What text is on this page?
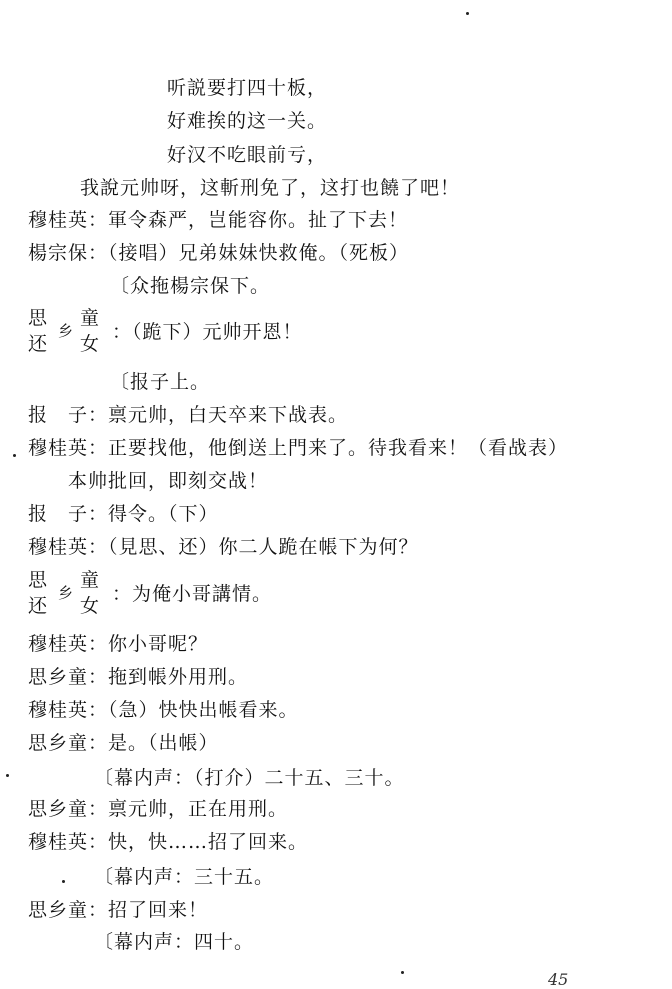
听説要打四十板，
好难挨的这一关。
好汉不吃眼前亏，
我說元帅呀，这斬刑免了，这打也饒了吧！
穆桂英：軍令森严，岂能容你。扯了下去！
楊宗保：（接唱）兄弟妹妹快救俺。（死板）
〔众拖楊宗保下。
思
还
乡
童
女
：（跪下）元帅开恩！
〔报子上。
报　子：禀元帅，白天卒来下战表。
穆桂英：正要找他，他倒送上門来了。待我看来！（看战表）
本帅批回，即刻交战！
报　子：得令。（下）
穆桂英：（見思、还）你二人跪在帳下为何？
思
还
乡
童
女
：为俺小哥講情。
穆桂英：你小哥呢？
思乡童：拖到帳外用刑。
穆桂英：（急）快快出帳看来。
思乡童：是。（出帳）
〔幕内声：（打介）二十五、三十。
思乡童：禀元帅，正在用刑。
穆桂英：快，快……招了回来。
〔幕内声：三十五。
思乡童：招了回来！
〔幕内声：四十。
45
